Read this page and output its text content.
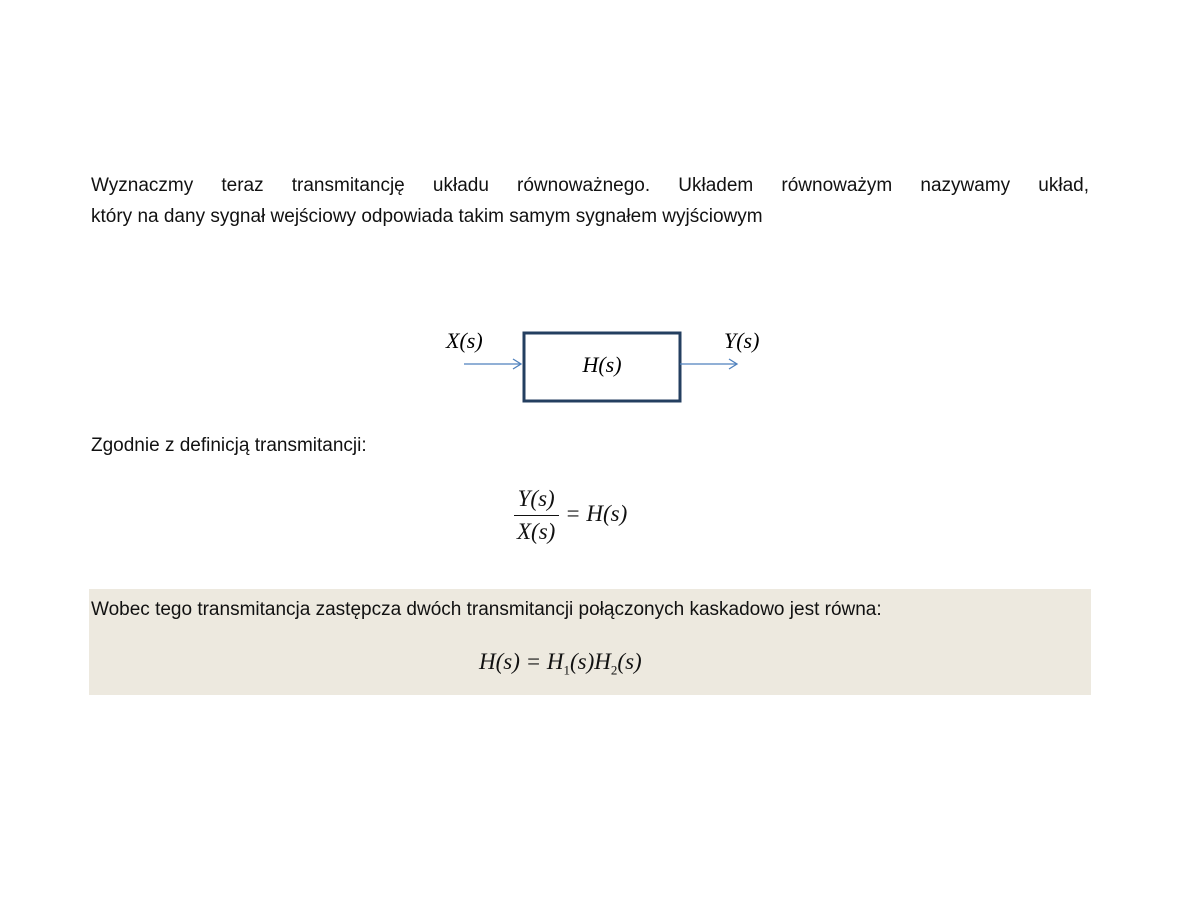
Wyznaczmy teraz transmitancję układu równoważnego. Układem równoważym nazywamy układ,
który na dany sygnał wejściowy odpowiada takim samym sygnałem wyjściowym
X(s)
H(s)
Y(s)
Zgodnie z definicją transmitancji:
$\frac{Y(s)}{X(s)} = H(s)$
Wobec tego transmitancja zastępcza dwóch transmitancji połączonych kaskadowo jest równa:
$H(s) = H_1(s)H_2(s)$
